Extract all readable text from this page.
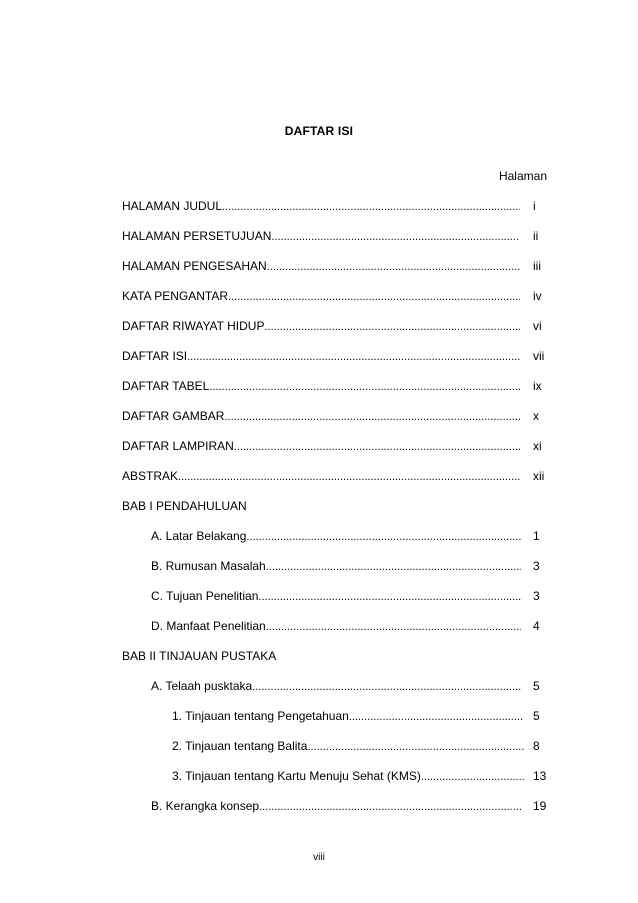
DAFTAR ISI
Halaman
HALAMAN JUDUL .....	i
HALAMAN PERSETUJUAN .....	ii
HALAMAN PENGESAHAN .....	iii
KATA PENGANTAR .....	iv
DAFTAR RIWAYAT HIDUP .....	vi
DAFTAR ISI .....	vii
DAFTAR TABEL .....	ix
DAFTAR GAMBAR .....	x
DAFTAR LAMPIRAN .....	xi
ABSTRAK .....	xii
BAB I PENDAHULUAN
A. Latar Belakang .....	1
B. Rumusan Masalah .....	3
C. Tujuan Penelitian .....	3
D. Manfaat Penelitian .....	4
BAB II TINJAUAN PUSTAKA
A. Telaah pusktaka .....	5
1. Tinjauan tentang Pengetahuan .....	5
2. Tinjauan tentang Balita .....	8
3. Tinjauan tentang Kartu Menuju Sehat (KMS) .....	13
B. Kerangka konsep .....	19
viii
